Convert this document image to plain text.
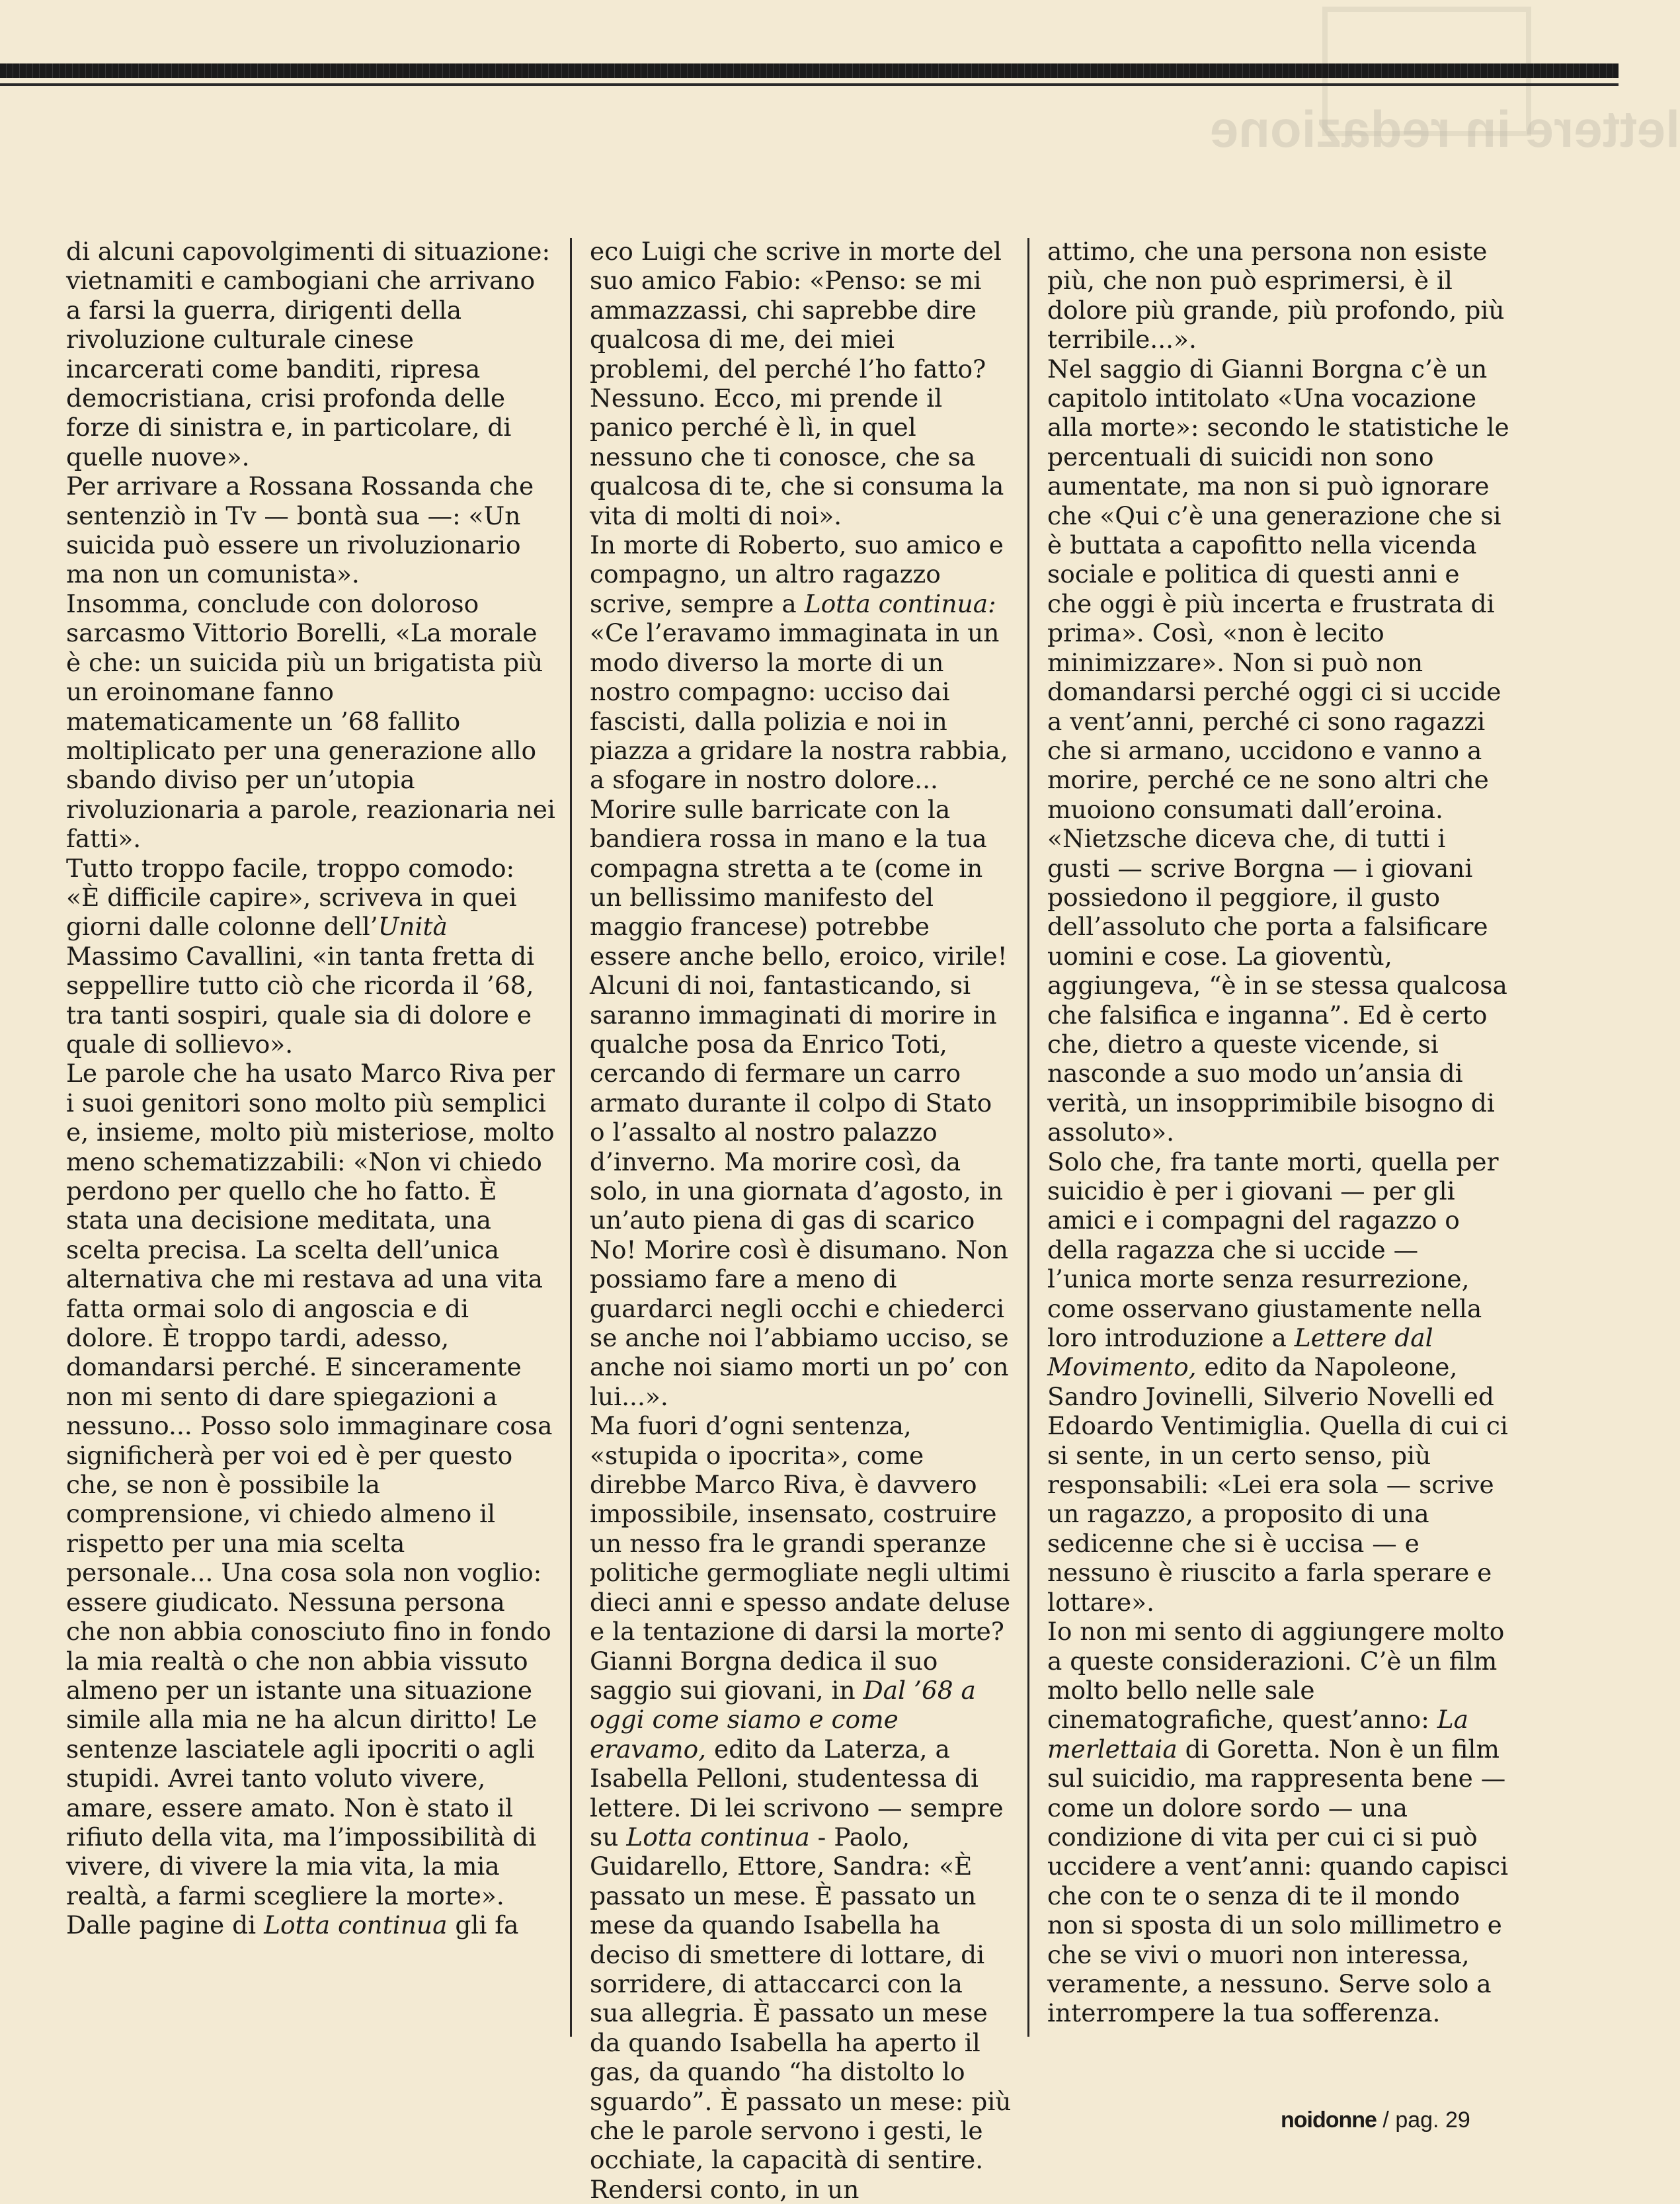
lettere in redazione

di alcuni capovolgimenti di situazione: vietnamiti e cambogiani che arrivano a farsi la guerra, dirigenti della rivoluzione culturale cinese incarcerati come banditi, ripresa democristiana, crisi profonda delle forze di sinistra e, in particolare, di quelle nuove».

Per arrivare a Rossana Rossanda che sentenziò in Tv — bontà sua —: «Un suicida può essere un rivoluzionario ma non un comunista».

Insomma, conclude con doloroso sarcasmo Vittorio Borelli, «La morale è che: un suicida più un brigatista più un eroinomane fanno matematicamente un ’68 fallito moltiplicato per una generazione allo sbando diviso per un’utopia rivoluzionaria a parole, reazionaria nei fatti».

Tutto troppo facile, troppo comodo: «È difficile capire», scriveva in quei giorni dalle colonne dell’Unità Massimo Cavallini, «in tanta fretta di seppellire tutto ciò che ricorda il ’68, tra tanti sospiri, quale sia di dolore e quale di sollievo».

Le parole che ha usato Marco Riva per i suoi genitori sono molto più semplici e, insieme, molto più misteriose, molto meno schematizzabili: «Non vi chiedo perdono per quello che ho fatto. È stata una decisione meditata, una scelta precisa. La scelta dell’unica alternativa che mi restava ad una vita fatta ormai solo di angoscia e di dolore. È troppo tardi, adesso, domandarsi perché. E sinceramente non mi sento di dare spiegazioni a nessuno... Posso solo immaginare cosa significherà per voi ed è per questo che, se non è possibile la comprensione, vi chiedo almeno il rispetto per una mia scelta personale... Una cosa sola non voglio: essere giudicato. Nessuna persona che non abbia conosciuto fino in fondo la mia realtà o che non abbia vissuto almeno per un istante una situazione simile alla mia ne ha alcun diritto! Le sentenze lasciatele agli ipocriti o agli stupidi. Avrei tanto voluto vivere, amare, essere amato. Non è stato il rifiuto della vita, ma l’impossibilità di vivere, di vivere la mia vita, la mia realtà, a farmi scegliere la morte».

Dalle pagine di Lotta continua gli fa

eco Luigi che scrive in morte del suo amico Fabio: «Penso: se mi ammazzassi, chi saprebbe dire qualcosa di me, dei miei problemi, del perché l’ho fatto? Nessuno. Ecco, mi prende il panico perché è lì, in quel nessuno che ti conosce, che sa qualcosa di te, che si consuma la vita di molti di noi».

In morte di Roberto, suo amico e compagno, un altro ragazzo scrive, sempre a Lotta continua: «Ce l’eravamo immaginata in un modo diverso la morte di un nostro compagno: ucciso dai fascisti, dalla polizia e noi in piazza a gridare la nostra rabbia, a sfogare in nostro dolore... Morire sulle barricate con la bandiera rossa in mano e la tua compagna stretta a te (come in un bellissimo manifesto del maggio francese) potrebbe essere anche bello, eroico, virile! Alcuni di noi, fantasticando, si saranno immaginati di morire in qualche posa da Enrico Toti, cercando di fermare un carro armato durante il colpo di Stato o l’assalto al nostro palazzo d’inverno. Ma morire così, da solo, in una giornata d’agosto, in un’auto piena di gas di scarico No! Morire così è disumano. Non possiamo fare a meno di guardarci negli occhi e chiederci se anche noi l’abbiamo ucciso, se anche noi siamo morti un po’ con lui...».

Ma fuori d’ogni sentenza, «stupida o ipocrita», come direbbe Marco Riva, è davvero impossibile, insensato, costruire un nesso fra le grandi speranze politiche germogliate negli ultimi dieci anni e spesso andate deluse e la tentazione di darsi la morte?

Gianni Borgna dedica il suo saggio sui giovani, in Dal ’68 a oggi come siamo e come eravamo, edito da Laterza, a Isabella Pelloni, studentessa di lettere. Di lei scrivono — sempre su Lotta continua - Paolo, Guidarello, Ettore, Sandra: «È passato un mese. È passato un mese da quando Isabella ha deciso di smettere di lottare, di sorridere, di attaccarci con la sua allegria. È passato un mese da quando Isabella ha aperto il gas, da quando “ha distolto lo sguardo”. È passato un mese: più che le parole servono i gesti, le occhiate, la capacità di sentire. Rendersi conto, in un

attimo, che una persona non esiste più, che non può esprimersi, è il dolore più grande, più profondo, più terribile...».

Nel saggio di Gianni Borgna c’è un capitolo intitolato «Una vocazione alla morte»: secondo le statistiche le percentuali di suicidi non sono aumentate, ma non si può ignorare che «Qui c’è una generazione che si è buttata a capofitto nella vicenda sociale e politica di questi anni e che oggi è più incerta e frustrata di prima». Così, «non è lecito minimizzare». Non si può non domandarsi perché oggi ci si uccide a vent’anni, perché ci sono ragazzi che si armano, uccidono e vanno a morire, perché ce ne sono altri che muoiono consumati dall’eroina.

«Nietzsche diceva che, di tutti i gusti — scrive Borgna — i giovani possiedono il peggiore, il gusto dell’assoluto che porta a falsificare uomini e cose. La gioventù, aggiungeva, “è in se stessa qualcosa che falsifica e inganna”. Ed è certo che, dietro a queste vicende, si nasconde a suo modo un’ansia di verità, un insopprimibile bisogno di assoluto».

Solo che, fra tante morti, quella per suicidio è per i giovani — per gli amici e i compagni del ragazzo o della ragazza che si uccide — l’unica morte senza resurrezione, come osservano giustamente nella loro introduzione a Lettere dal Movimento, edito da Napoleone, Sandro Jovinelli, Silverio Novelli ed Edoardo Ventimiglia. Quella di cui ci si sente, in un certo senso, più responsabili: «Lei era sola — scrive un ragazzo, a proposito di una sedicenne che si è uccisa — e nessuno è riuscito a farla sperare e lottare».

Io non mi sento di aggiungere molto a queste considerazioni. C’è un film molto bello nelle sale cinematografiche, quest’anno: La merlettaia di Goretta. Non è un film sul suicidio, ma rappresenta bene — come un dolore sordo — una condizione di vita per cui ci si può uccidere a vent’anni: quando capisci che con te o senza di te il mondo non si sposta di un solo millimetro e che se vivi o muori non interessa, veramente, a nessuno. Serve solo a interrompere la tua sofferenza.

noidonne / pag. 29
